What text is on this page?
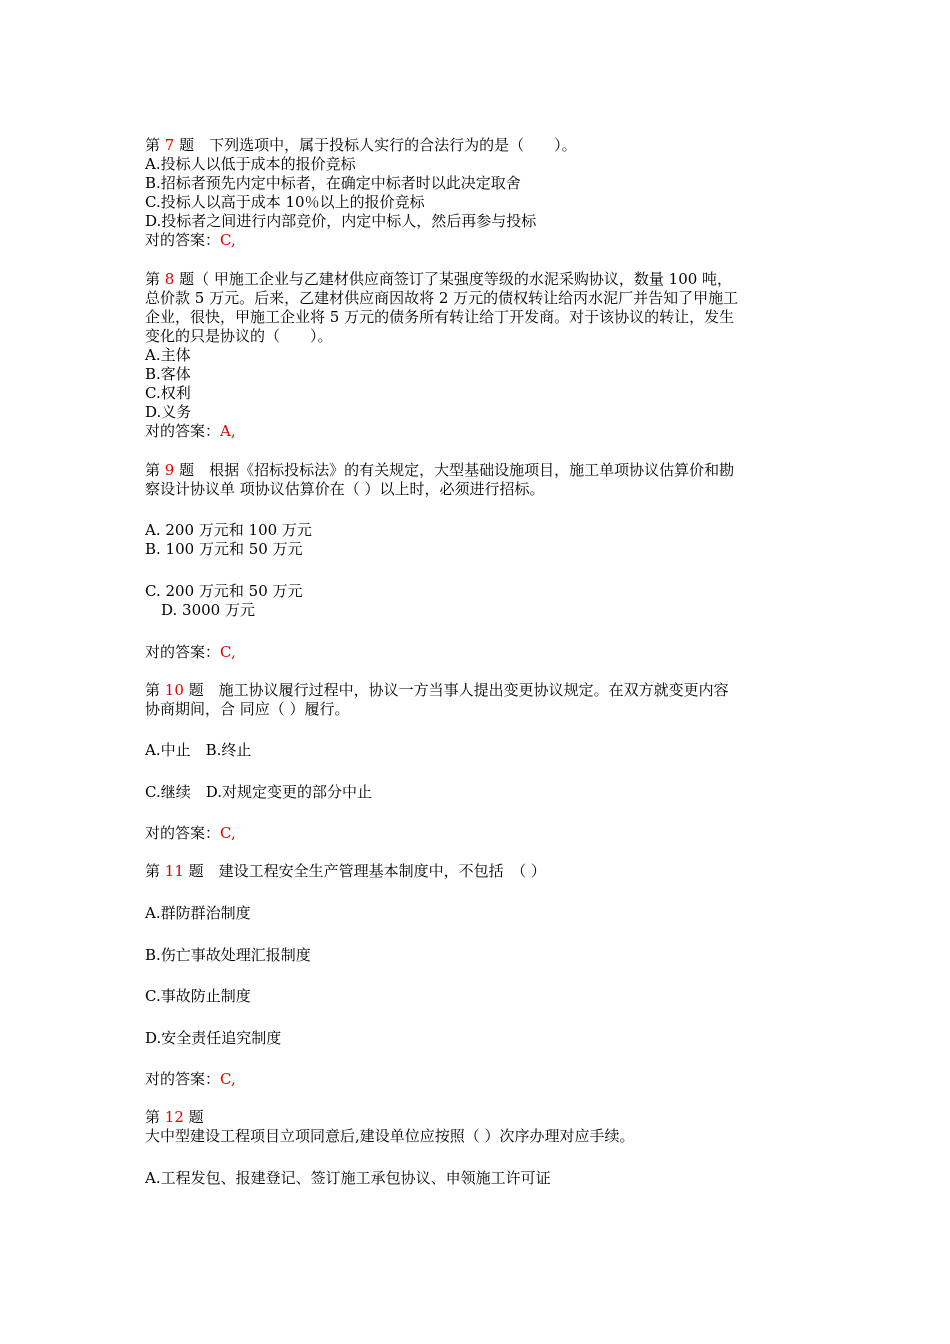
第 7 题　下列选项中，属于投标人实行的合法行为的是（　　）。
A.投标人以低于成本的报价竞标
B.招标者预先内定中标者，在确定中标者时以此决定取舍
C.投标人以高于成本 10％以上的报价竞标
D.投标者之间进行内部竞价，内定中标人，然后再参与投标
对的答案：C,
第 8 题（ 甲施工企业与乙建材供应商签订了某强度等级的水泥采购协议，数量 100 吨，
总价款 5 万元。后来，乙建材供应商因故将 2 万元的债权转让给丙水泥厂并告知了甲施工
企业，很快，甲施工企业将 5 万元的债务所有转让给丁开发商。对于该协议的转让，发生
变化的只是协议的（　　）。
A.主体
B.客体
C.权利
D.义务
对的答案：A,
第 9 题　根据《招标投标法》的有关规定，大型基础设施项目，施工单项协议估算价和勘
察设计协议单 项协议估算价在（ ）以上时，必须进行招标。
A. 200 万元和 100 万元
B. 100 万元和 50 万元
C. 200 万元和 50 万元
D. 3000 万元
对的答案：C,
第 10 题　施工协议履行过程中，协议一方当事人提出变更协议规定。在双方就变更内容
协商期间，合 同应（ ）履行。
A.中止　B.终止
C.继续　D.对规定变更的部分中止
对的答案：C,
第 11 题　建设工程安全生产管理基本制度中，不包括　（ ）
A.群防群治制度
B.伤亡事故处理汇报制度
C.事故防止制度
D.安全责任追究制度
对的答案：C,
第 12 题
大中型建设工程项目立项同意后,建设单位应按照（ ）次序办理对应手续。
A.工程发包、报建登记、签订施工承包协议、申领施工许可证
